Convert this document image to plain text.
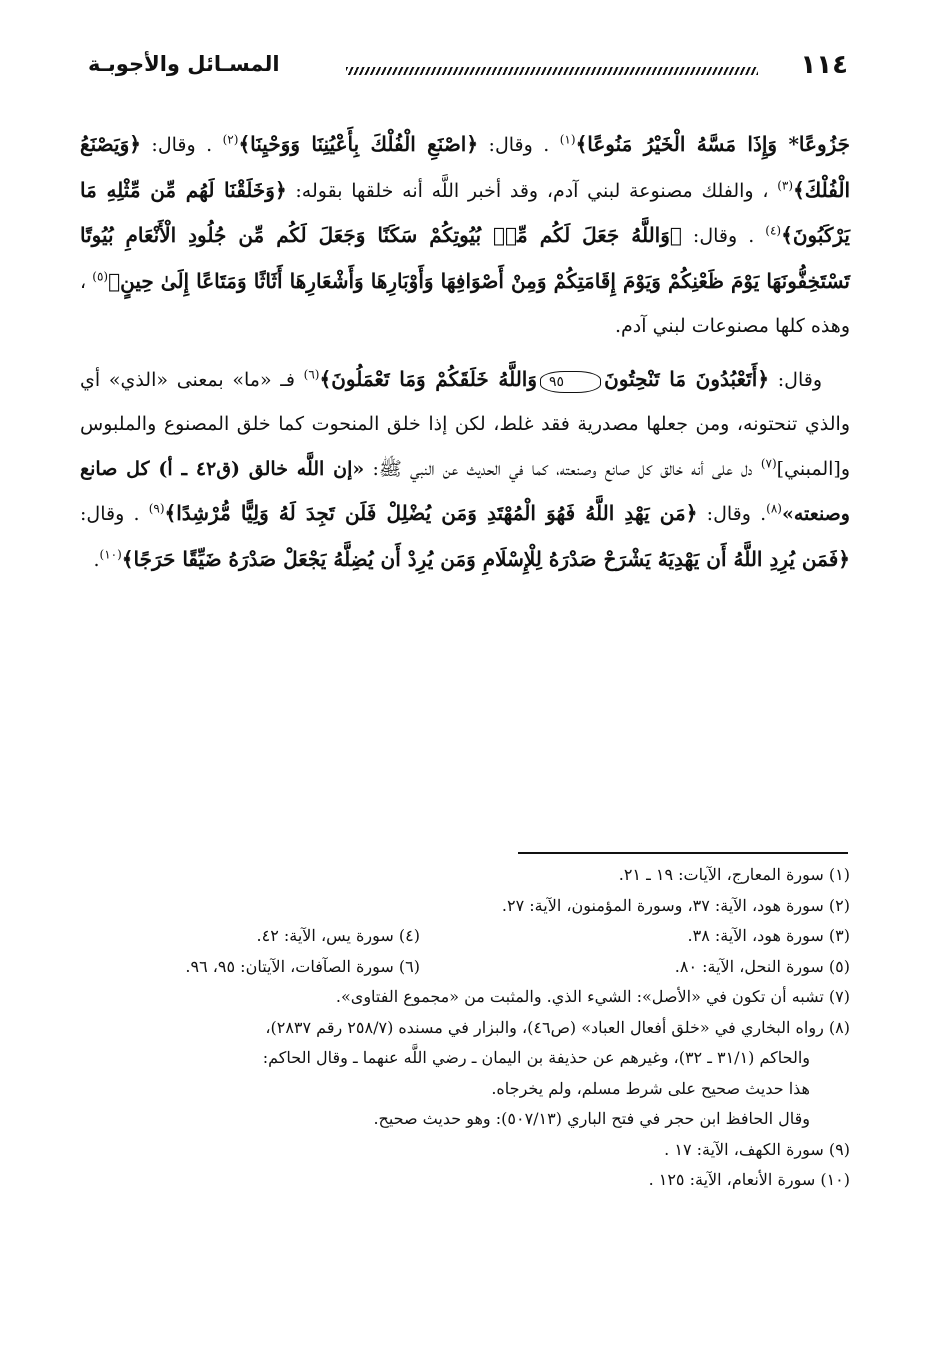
المسـائل والأجوبـة	١١٤

جَزُوعًا* وَإِذَا مَسَّهُ الْخَيْرُ مَنُوعًا﴾$^{(١)}$ . وقال: ﴿اصْنَعِ الْفُلْكَ بِأَعْيُنِنَا وَوَحْيِنَا﴾$^{(٢)}$ . وقال: ﴿وَيَصْنَعُ الْفُلْكَ﴾$^{(٣)}$ ، والفلك مصنوعة لبني آدم، وقد أخبر اللَّه أنه خلقها بقوله: ﴿وَخَلَقْنَا لَهُم مِّن مِّثْلِهِ مَا يَرْكَبُونَ﴾$^{(٤)}$ . وقال: ﴿وَاللَّهُ جَعَلَ لَكُم مِّنۢ بُيُوتِكُمْ سَكَنًا وَجَعَلَ لَكُم مِّن جُلُودِ الْأَنْعَامِ بُيُوتًا تَسْتَخِفُّونَهَا يَوْمَ ظَعْنِكُمْ وَيَوْمَ إِقَامَتِكُمْ وَمِنْ أَصْوَافِهَا وَأَوْبَارِهَا وَأَشْعَارِهَا أَثَاثًا وَمَتَاعًا إِلَىٰ حِينٍ﴾$^{(٥)}$ ، وهذه كلها مصنوعات لبني آدم.

وقال: ﴿أَتَعْبُدُونَ مَا تَنْحِتُونَ٩٥وَاللَّهُ خَلَقَكُمْ وَمَا تَعْمَلُونَ﴾$^{(٦)}$ فـ «ما» بمعنى «الذي» أي والذي تنحتونه، ومن جعلها مصدرية فقد غلط، لكن إذا خلق المنحوت كما خلق المصنوع والملبوس و[المبني]$^{(٧)}$ دل على أنه خالق كل صانع وصنعته، كما في الحديث عن النبي ﷺ: «إن اللَّه خالق (ق٤٢ ـ أ) كل صانع وصنعته»$^{(٨)}$. وقال: ﴿مَن يَهْدِ اللَّهُ فَهُوَ الْمُهْتَدِ وَمَن يُضْلِلْ فَلَن تَجِدَ لَهُ وَلِيًّا مُّرْشِدًا﴾$^{(٩)}$ . وقال: ﴿فَمَن يُرِدِ اللَّهُ أَن يَهْدِيَهُ يَشْرَحْ صَدْرَهُ لِلْإِسْلَامِ وَمَن يُرِدْ أَن يُضِلَّهُ يَجْعَلْ صَدْرَهُ ضَيِّقًا حَرَجًا﴾$^{(١٠)}$.

(١) سورة المعارج، الآيات: ١٩ ـ ٢١.
(٢) سورة هود، الآية: ٣٧، وسورة المؤمنون، الآية: ٢٧.
(٣) سورة هود، الآية: ٣٨.
(٤) سورة يس، الآية: ٤٢.
(٥) سورة النحل، الآية: ٨٠.
(٦) سورة الصآفات، الآيتان: ٩٥، ٩٦.
(٧) تشبه أن تكون في «الأصل»: الشيء الذي. والمثبت من «مجموع الفتاوى».
(٨) رواه البخاري في «خلق أفعال العباد» (ص٤٦)، والبزار في مسنده (٢٥٨/٧ رقم ٢٨٣٧)،
والحاكم (٣١/١ ـ ٣٢)، وغيرهم عن حذيفة بن اليمان ـ رضي اللَّه عنهما ـ وقال الحاكم:
هذا حديث صحيح على شرط مسلم، ولم يخرجاه.
وقال الحافظ ابن حجر في فتح الباري (٥٠٧/١٣): وهو حديث صحيح.
(٩) سورة الكهف، الآية: ١٧ .
(١٠) سورة الأنعام، الآية: ١٢٥ .
